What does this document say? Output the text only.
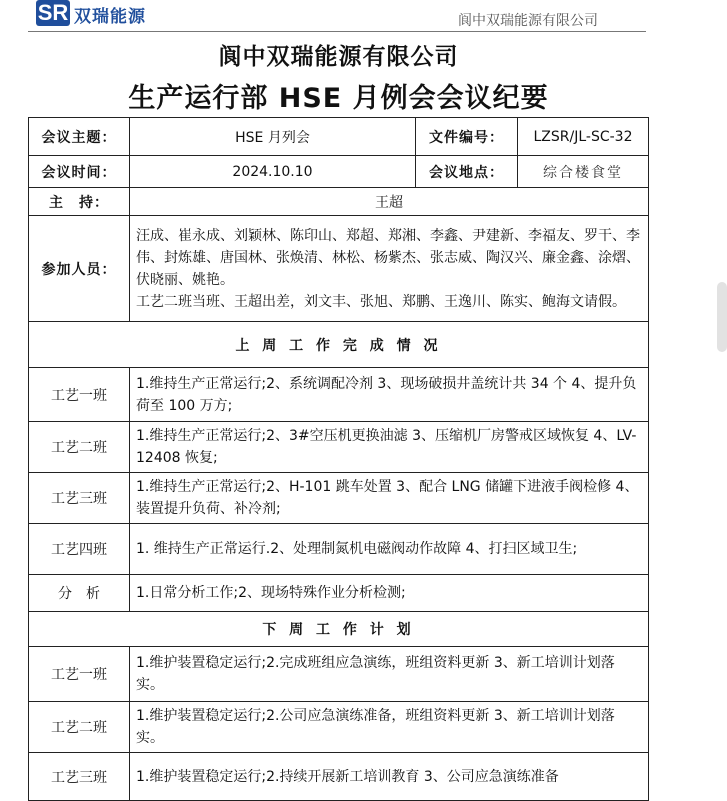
SR 双瑞能源	阆中双瑞能源有限公司
阆中双瑞能源有限公司
生产运行部 HSE 月例会会议纪要
会议主题：	HSE 月列会	文件编号：	LZSR/JL-SC-32
会议时间：	2024.10.10	会议地点：	综合楼食堂
主　持：	王超		
参加人员：	汪成、崔永成、刘颖林、陈印山、郑超、郑湘、李鑫、尹建新、李福友、罗干、李伟、封炼雄、唐国林、张焕清、林松、杨紫杰、张志威、陶汉兴、廉金鑫、涂熠、伏晓丽、姚艳。
工艺二班当班、王超出差，刘文丰、张旭、郑鹏、王逸川、陈实、鲍海文请假。		

上 周 工 作 完 成 情 况			
工艺一班	1.维持生产正常运行;2、系统调配冷剂 3、现场破损井盖统计共 34 个 4、提升负荷至 100 万方;		
工艺二班	1.维持生产正常运行;2、3#空压机更换油滤 3、压缩机厂房警戒区域恢复 4、LV-12408 恢复;		
工艺三班	1.维持生产正常运行;2、H-101 跳车处置 3、配合 LNG 储罐下进液手阀检修 4、装置提升负荷、补冷剂;		
工艺四班	1. 维持生产正常运行.2、处理制氮机电磁阀动作故障 4、打扫区域卫生;		
分　析	1.日常分析工作;2、现场特殊作业分析检测;		
下 周 工 作 计 划			
工艺一班	1.维护装置稳定运行;2.完成班组应急演练，班组资料更新 3、新工培训计划落实。		
工艺二班	1.维护装置稳定运行;2.公司应急演练准备，班组资料更新 3、新工培训计划落实。		
工艺三班	1.维护装置稳定运行;2.持续开展新工培训教育 3、公司应急演练准备		
